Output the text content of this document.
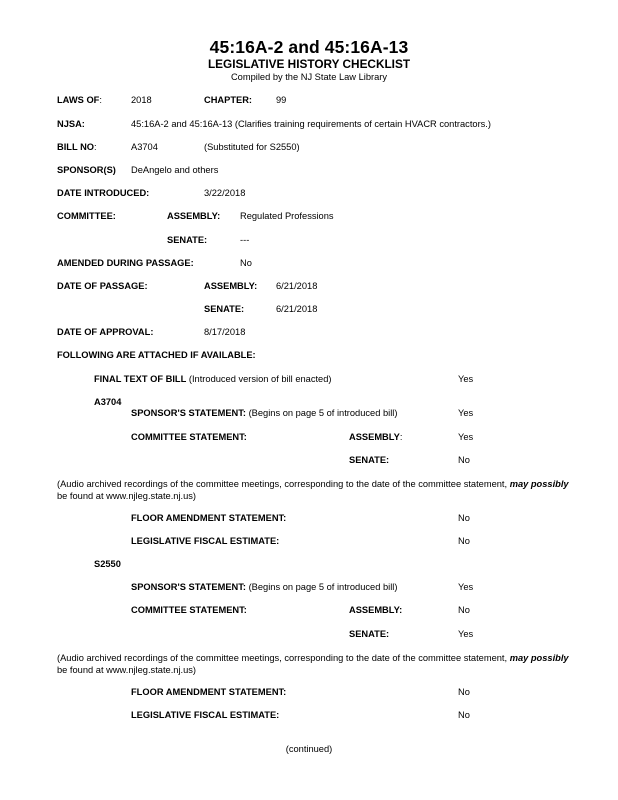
45:16A-2 and 45:16A-13
LEGISLATIVE HISTORY CHECKLIST
Compiled by the NJ State Law Library
LAWS OF:	2018	CHAPTER:	99
NJSA:	45:16A-2 and 45:16A-13 (Clarifies training requirements of certain HVACR contractors.)
BILL NO:	A3704	(Substituted for S2550)
SPONSOR(S) DeAngelo and others
DATE INTRODUCED:	3/22/2018
COMMITTEE:	ASSEMBLY: Regulated Professions
SENATE:	---
AMENDED DURING PASSAGE:	No
DATE OF PASSAGE:	ASSEMBLY: 6/21/2018
SENATE:	6/21/2018
DATE OF APPROVAL:	8/17/2018
FOLLOWING ARE ATTACHED IF AVAILABLE:
FINAL TEXT OF BILL (Introduced version of bill enacted)	Yes
A3704
SPONSOR'S STATEMENT: (Begins on page 5 of introduced bill)	Yes
COMMITTEE STATEMENT:	ASSEMBLY:	Yes
SENATE:	No
(Audio archived recordings of the committee meetings, corresponding to the date of the committee statement, may possibly
be found at www.njleg.state.nj.us)
FLOOR AMENDMENT STATEMENT:	No
LEGISLATIVE FISCAL ESTIMATE:	No
S2550
SPONSOR'S STATEMENT: (Begins on page 5 of introduced bill)	Yes
COMMITTEE STATEMENT:	ASSEMBLY:	No
SENATE:	Yes
(Audio archived recordings of the committee meetings, corresponding to the date of the committee statement, may possibly
be found at www.njleg.state.nj.us)
FLOOR AMENDMENT STATEMENT:	No
LEGISLATIVE FISCAL ESTIMATE:	No
(continued)
